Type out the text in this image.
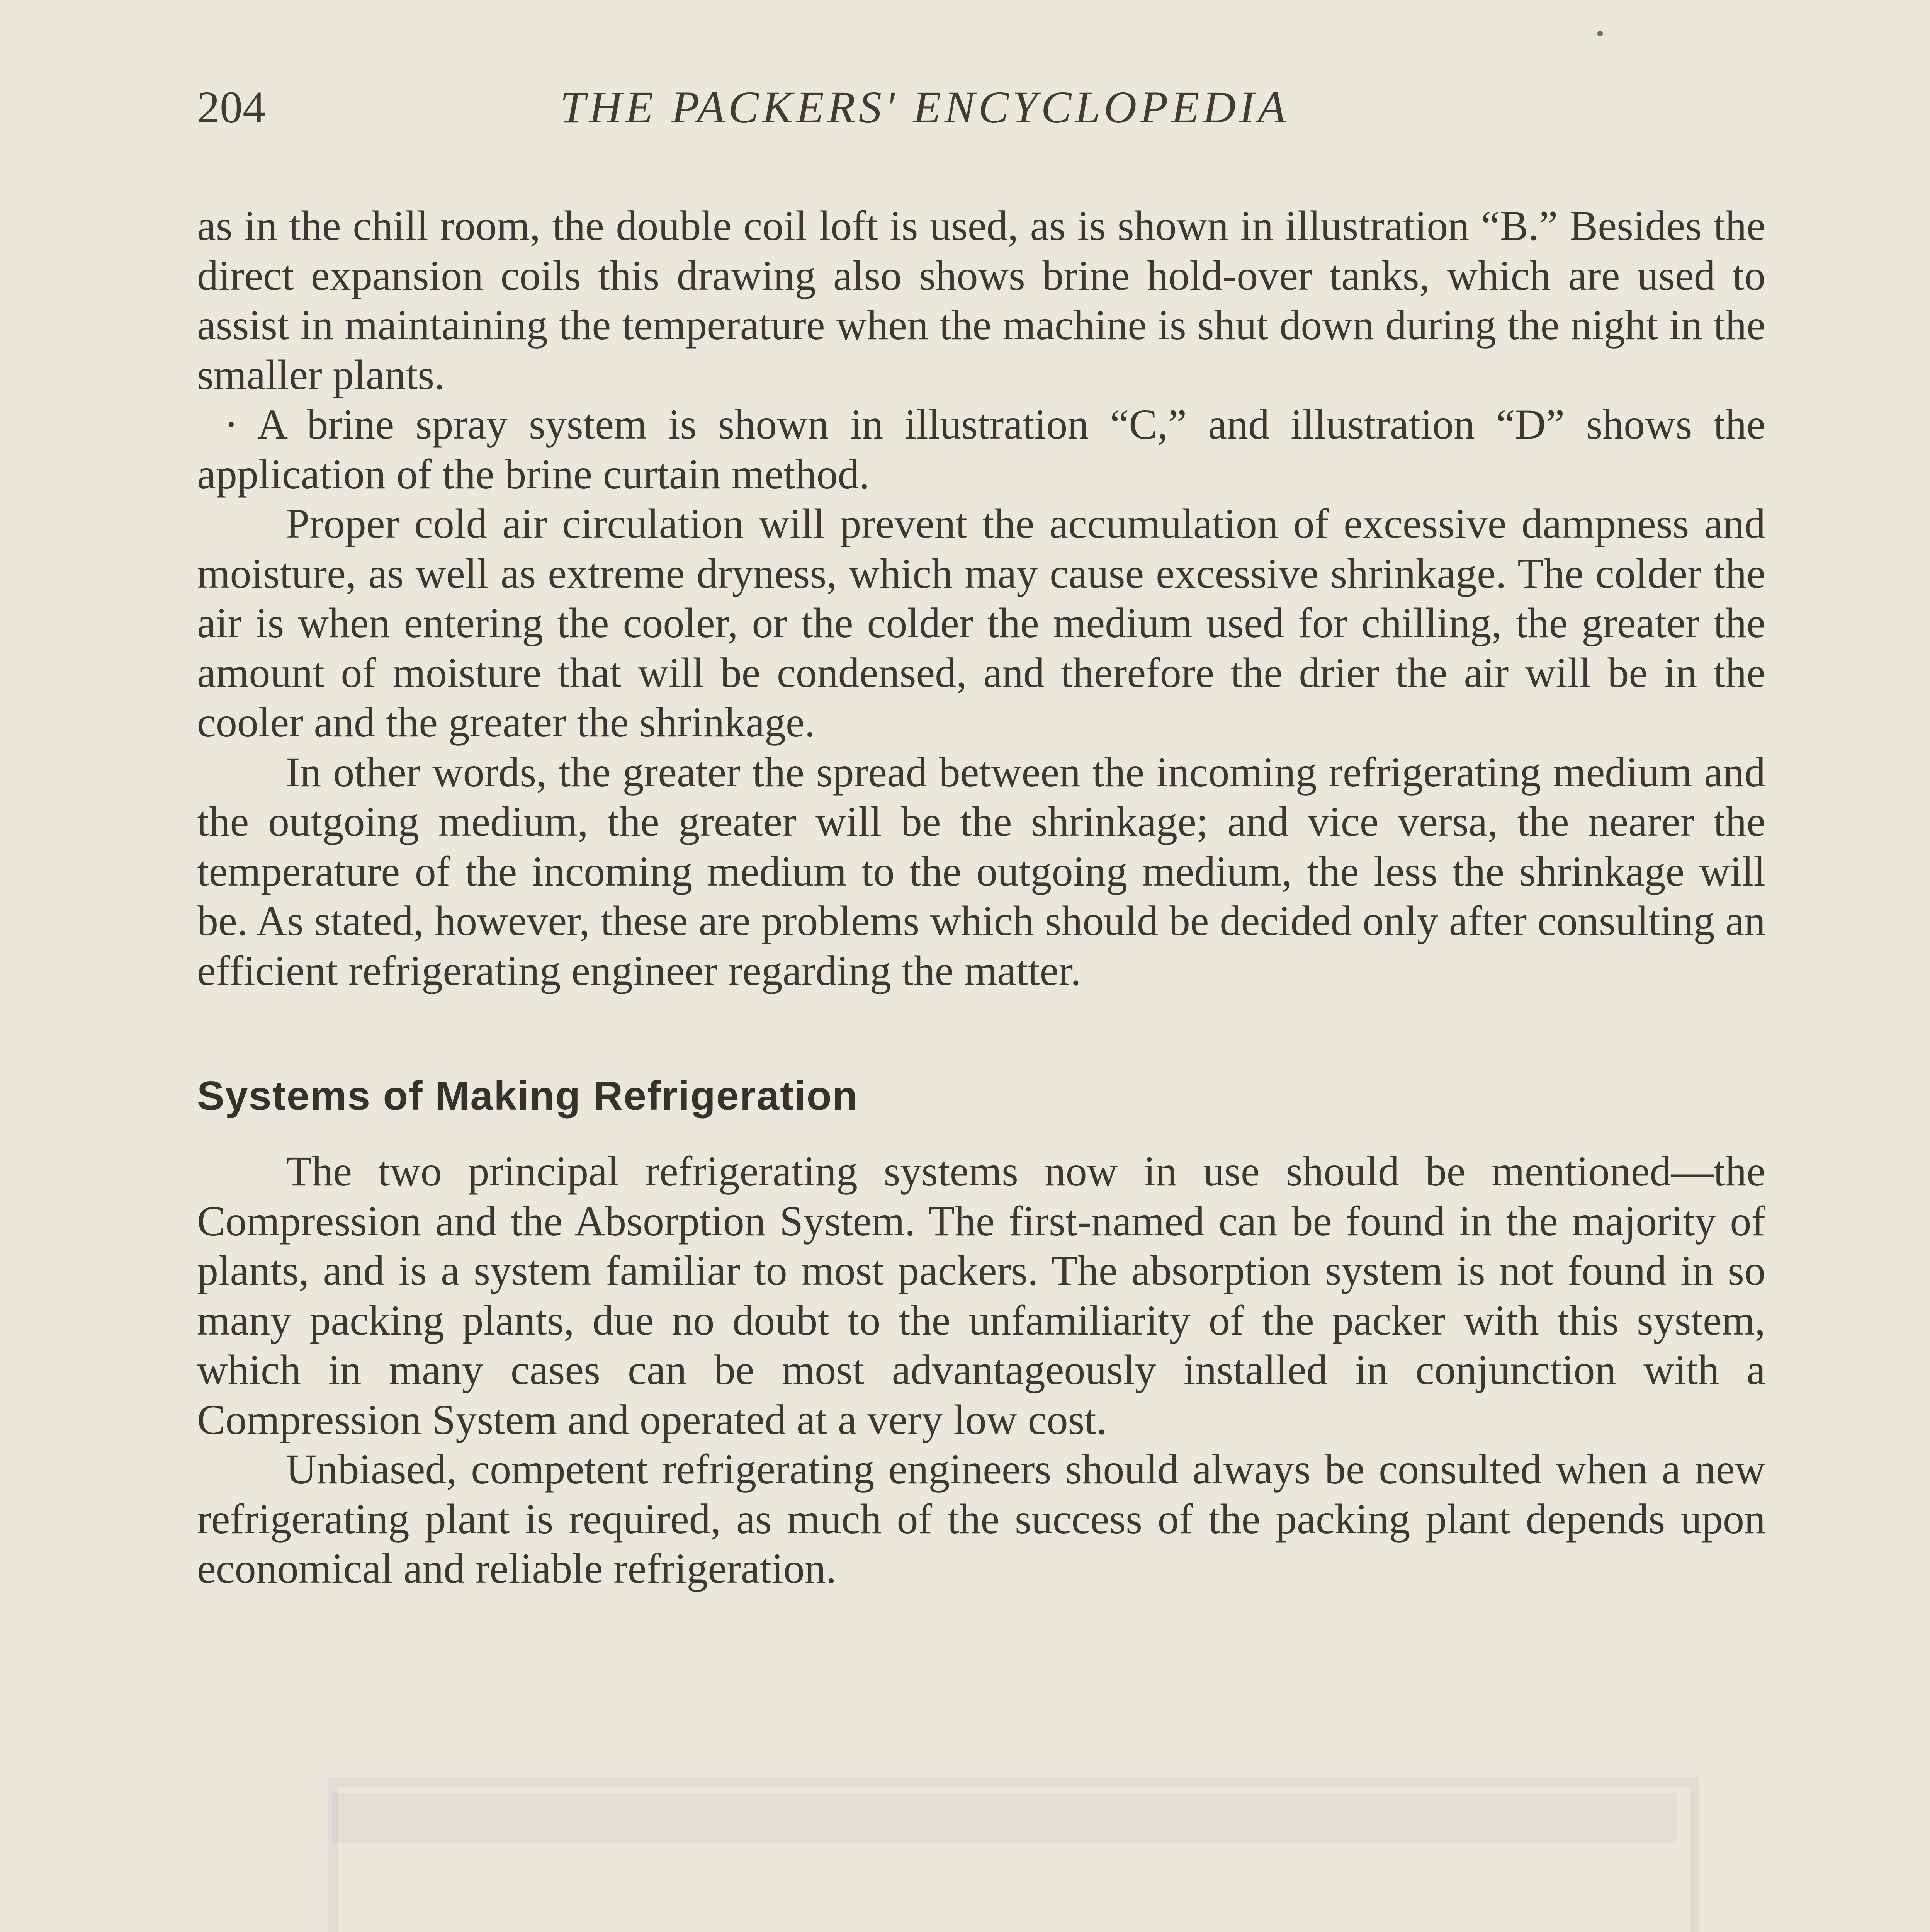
204	THE PACKERS' ENCYCLOPEDIA

as in the chill room, the double coil loft is used, as is shown in illustration “B.” Besides the direct expansion coils this drawing also shows brine hold-over tanks, which are used to assist in maintaining the temperature when the machine is shut down during the night in the smaller plants.

· A brine spray system is shown in illustration “C,” and illustration “D” shows the application of the brine curtain method.

Proper cold air circulation will prevent the accumulation of excessive dampness and moisture, as well as extreme dryness, which may cause excessive shrinkage. The colder the air is when entering the cooler, or the colder the medium used for chilling, the greater the amount of moisture that will be condensed, and therefore the drier the air will be in the cooler and the greater the shrinkage.

In other words, the greater the spread between the incoming refrigerating medium and the outgoing medium, the greater will be the shrinkage; and vice versa, the nearer the temperature of the incoming medium to the outgoing medium, the less the shrinkage will be. As stated, however, these are problems which should be decided only after consulting an efficient refrigerating engineer regarding the matter.

Systems of Making Refrigeration

The two principal refrigerating systems now in use should be mentioned—the Compression and the Absorption System. The first-named can be found in the majority of plants, and is a system familiar to most packers. The absorption system is not found in so many packing plants, due no doubt to the unfamiliarity of the packer with this system, which in many cases can be most advantageously installed in conjunction with a Compression System and operated at a very low cost.

Unbiased, competent refrigerating engineers should always be consulted when a new refrigerating plant is required, as much of the success of the packing plant depends upon economical and reliable refrigeration.
